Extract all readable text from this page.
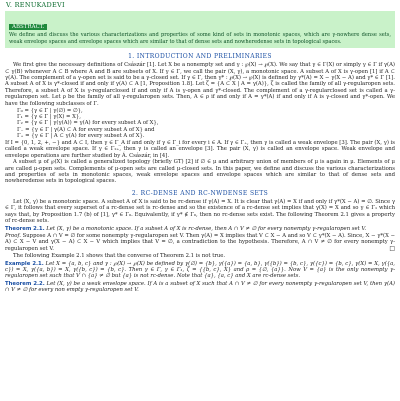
V. RENUKADEVI
ABSTRACT.
We define and discuss the various characterizations and properties of some kind of sets in monotonic spaces, which are γ-nowhere dense sets, weak envelope spaces and envelope spaces which are similar to that of dense sets and nowheredense sets in topological spaces.
1. INTRODUCTION AND PRELIMINARIES

We first give the necessary definitions of Császár [1]. Let X be a nonempty set and γ : ℘(X) → ℘(X). We say that γ ∈ Γ(X) or simply γ ∈ Γ if γ(A) ⊂ γ(B) whenever A ⊂ B where A and B are subsets of X. If γ ∈ Γ, we call the pair (X, γ), a monotonic space. A subset A of X is γ-open [1] if A ⊂ γ(A). The complement of a γ-open set is said to be a γ-closed set. If γ ∈ Γ, then γ* : ℘(X) → ℘(X) is defined by γ*(A) = X − γ(X − A) and γ* ∈ Γ [1]. A subset A of X is γ*-closed if and only if γ(A) ⊂ A [1, Proposition 1.8]. Let ζ = {A ⊂ X | A = γ(A)}, ζ is called the family of all γ-regularopen sets. Therefore, a subset A of X is γ-regularclosed if and only if A is γ-open and γ*-closed. The complement of a γ-regularclosed set is called a γ-regularopen set. Let ρ be the family of all γ-regularopen sets. Then, A ∈ ρ if and only if A = γ*(A) if and only if A is γ-closed and γ*-open. We have the following subclasses of Γ.

Γ₀ = {γ ∈ Γ | γ(∅) = ∅},
Γ₁ = {γ ∈ Γ | γ(X) = X},
Γ₂ = {γ ∈ Γ | γ(γ(A)) = γ(A) for every subset A of X},
Γ₋ = {γ ∈ Γ | γ(A) ⊂ A for every subset A of X} and
Γ₊ = {γ ∈ Γ | A ⊂ γ(A) for every subset A of X}.

If I = {0, 1, 2, +, −} and A ⊂ I, then γ ∈ Γ_A if and only if γ ∈ Γ_i for every i ∈ A. If γ ∈ Γ₊, then γ is called a weak envelope [3]. The pair (X, γ) is called a weak envelope space. If γ ∈ Γ₂₊, then γ is called an envelope [3]. The pair (X, γ) is called an envelope space. Weak envelope and envelope operations are further studied by Á. Császár, in [4].

A subset μ of ℘(X) is called a generalized topology (briefly GT) [2] if ∅ ∈ μ and arbitrary union of members of μ is again in μ. Elements of μ are called μ-open sets. Complements of μ-open sets are called μ-closed sets. In this paper, we define and discuss the various characterizations and properties of sets in monotonic spaces, weak envelope spaces and envelope spaces which are similar to that of dense sets and nowheredense sets in topological spaces.

2. RC-DENSE AND RC-NWDENSE SETS

Let (X, γ) be a monotonic space. A subset A of X is said to be rc-dense if γ(A) = X. It is clear that γ(A) = X if and only if γ*(X − A) = ∅. Since γ ∈ Γ, it follows that every superset of a rc-dense set is rc-dense and so the existence of a rc-dense set implies that γ(X) = X and so γ ∈ Γ₁ which says that, by Proposition 1.7 (b) of [1], γ* ∈ Γ₀. Equivalently, if γ* ∉ Γ₀, then no rc-dense sets exist. The following Theorem 2.1 gives a property of rc-dense sets.

Theorem 2.1. Let (X, γ) be a monotonic space. If a subset A of X is rc-dense, then A ∩ V ≠ ∅ for every nonempty γ-regularopen set V.
Proof. Suppose A ∩ V = ∅ for some nonempty γ-regularopen set V. Then γ(A) = X implies that V ⊂ X − A and so V ⊂ γ*(X − A). Since, X − γ*(X − A) ⊂ X − V and γ(X − A) ⊂ X − V which implies that V = ∅, a contradiction to the hypothesis. Therefore, A ∩ V ≠ ∅ for every nonempty γ-regularopen set V.	□

The following Example 2.1 shows that the converse of Theorem 2.1 is not true.

Example 2.1. Let X = {a, b, c} and γ : ℘(X) → ℘(X) be defined by γ(∅) = {b}, γ({a}) = {a, b}, γ({b}) = {b, c}, γ({c}) = {b, c}, γ(X) = X, γ({a, c}) = X, γ({a, b}) = X, γ({b, c}) = {b, c}. Then γ ∈ Γ, γ ∈ Γ₁, ζ = {{b, c}, X} and ρ = {∅, {a}}. Now V = {a} is the only nonempty γ-regularopen set such that V ∩ {a} ≠ ∅ but {a} is not rc-dense. Note that {a}, {a, c} and X are rc-dense sets.
Theorem 2.2. Let (X, γ) be a weak envelope space. If A is a subset of X such that A ∩ V ≠ ∅ for every nonempty γ-regularopen set V, then γ(A) ∩ V ≠ ∅ for every non empty γ-regularopen set V.
